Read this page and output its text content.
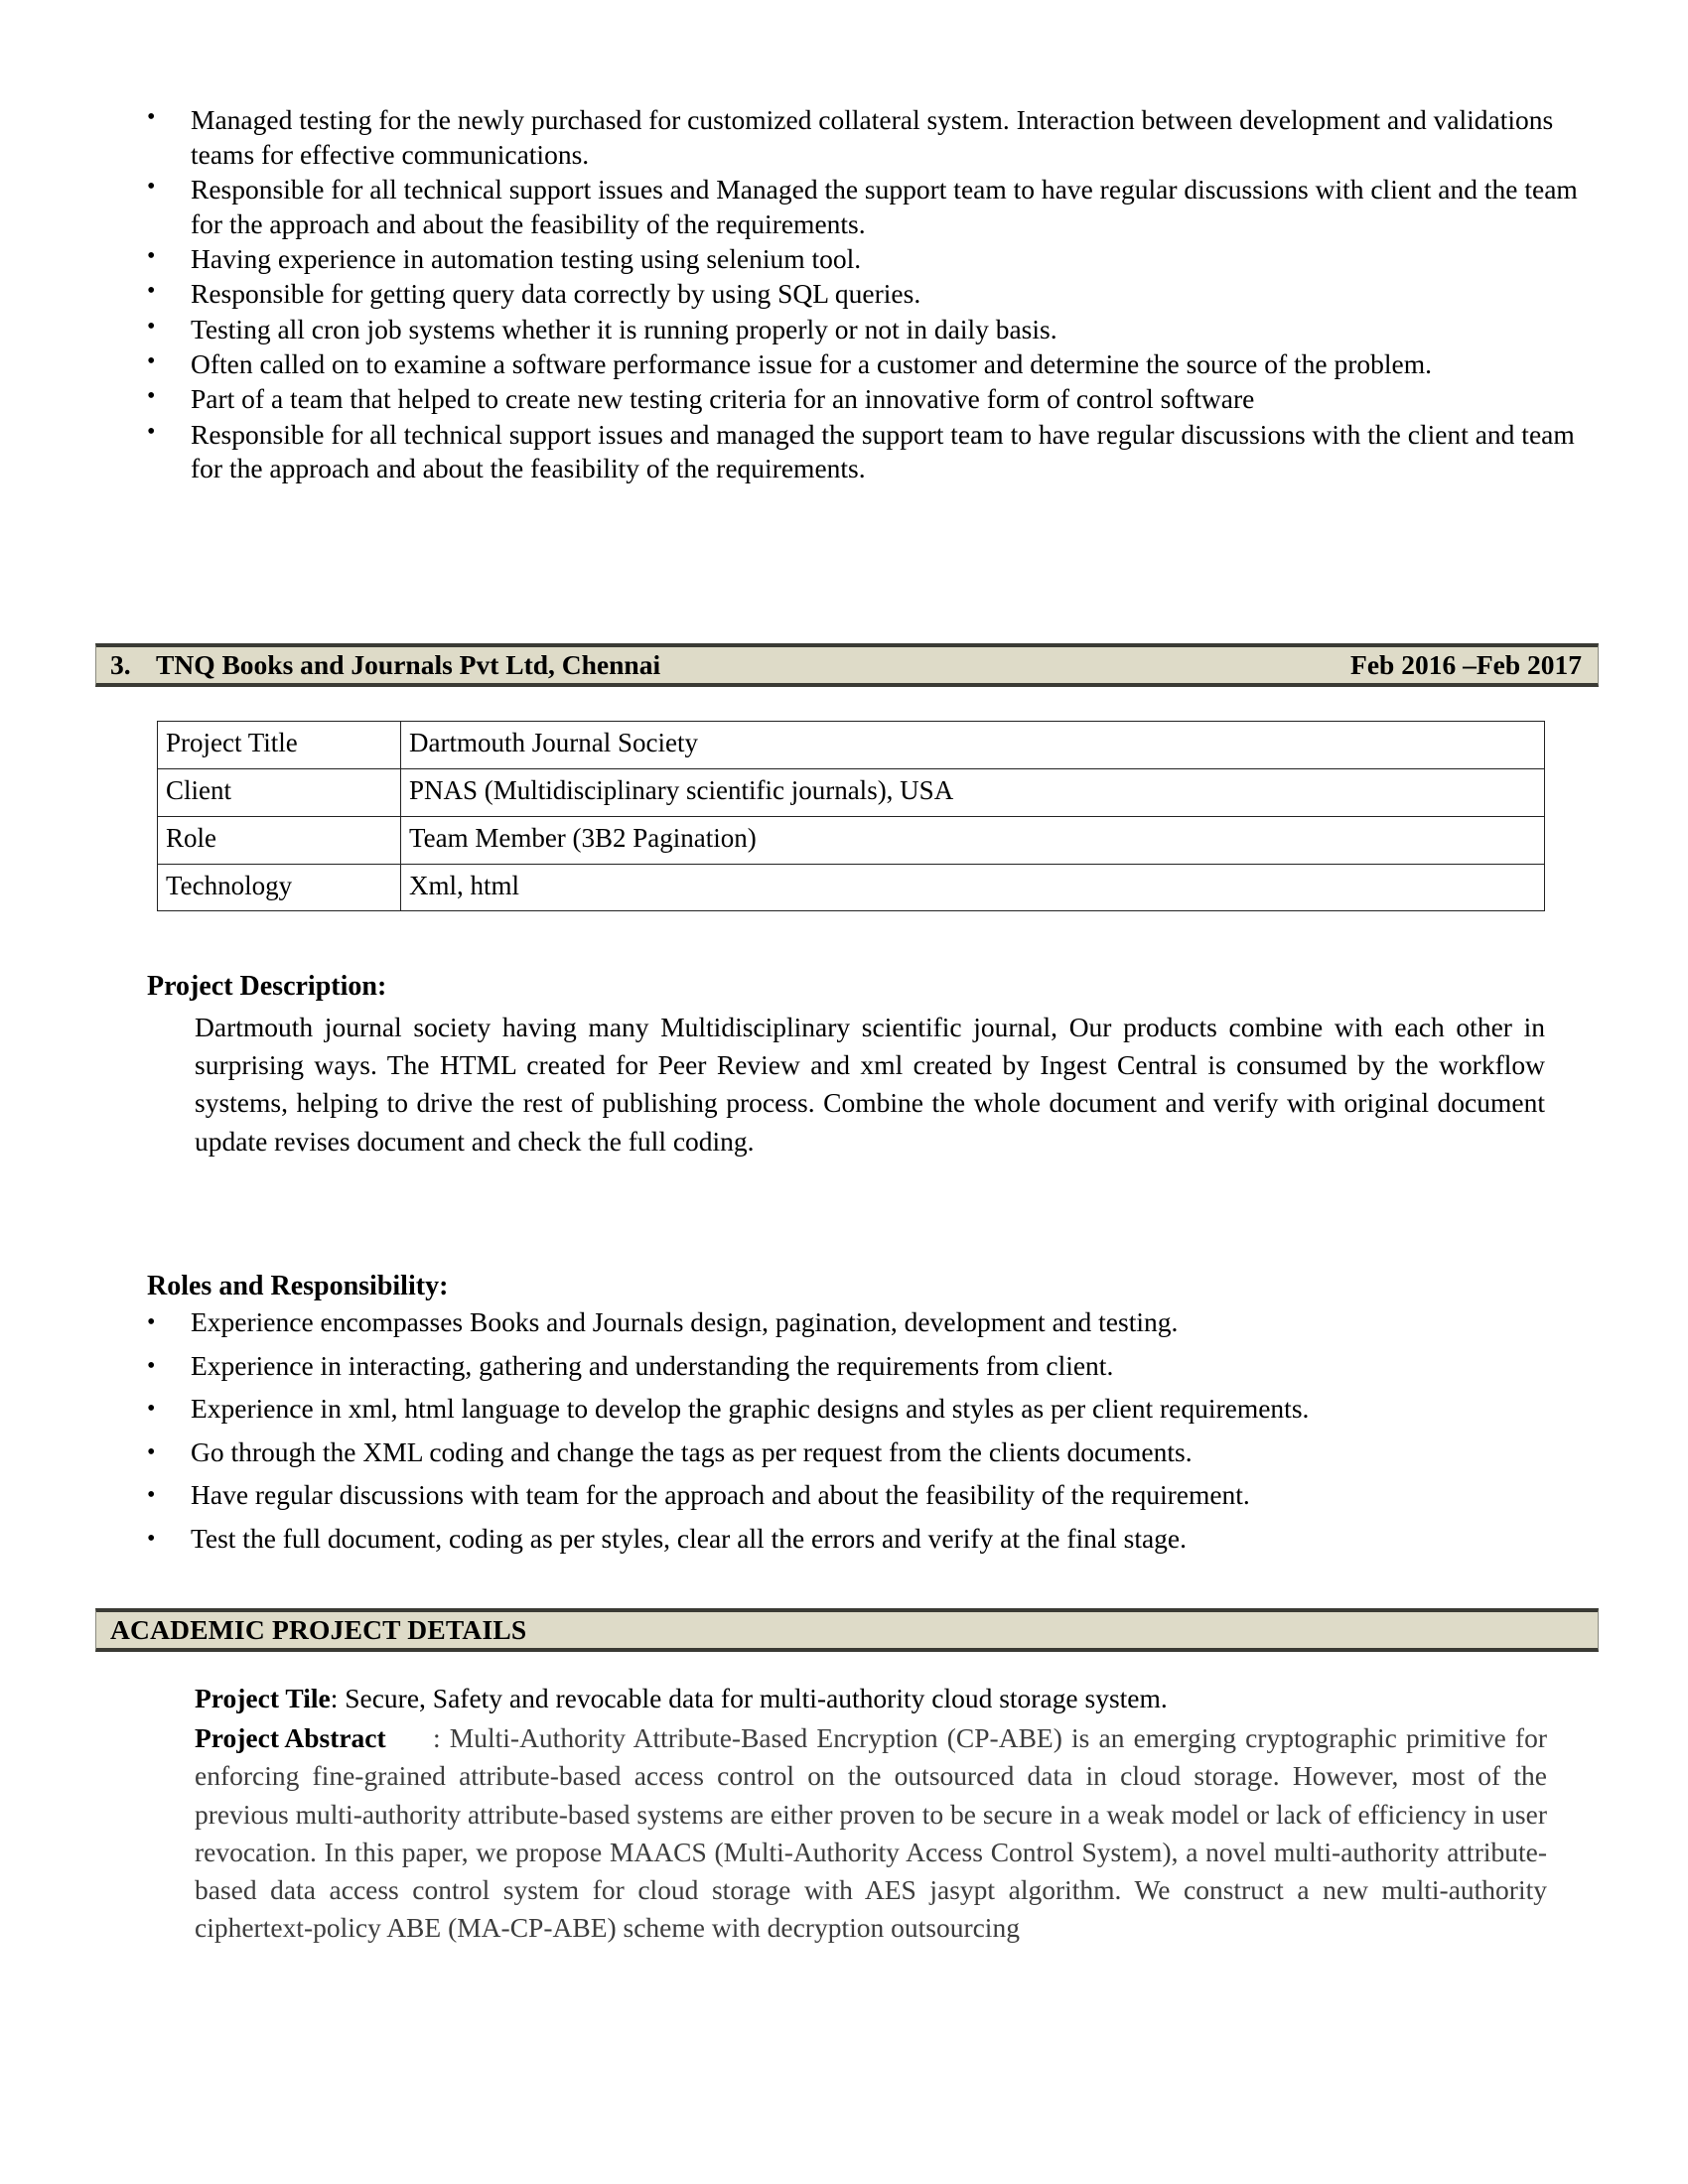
• Managed testing for the newly purchased for customized collateral system. Interaction between development and validations teams for effective communications.
• Responsible for all technical support issues and Managed the support team to have regular discussions with client and the team for the approach and about the feasibility of the requirements.
• Having experience in automation testing using selenium tool.
• Responsible for getting query data correctly by using SQL queries.
• Testing all cron job systems whether it is running properly or not in daily basis.
• Often called on to examine a software performance issue for a customer and determine the source of the problem.
• Part of a team that helped to create new testing criteria for an innovative form of control software
• Responsible for all technical support issues and managed the support team to have regular discussions with the client and team for the approach and about the feasibility of the requirements.
3. TNQ Books and Journals Pvt Ltd, Chennai	Feb 2016 –Feb 2017
Project Title	Dartmouth Journal Society
Client	PNAS (Multidisciplinary scientific journals), USA
Role	Team Member (3B2 Pagination)
Technology	Xml, html
Project Description:
Dartmouth journal society having many Multidisciplinary scientific journal, Our products combine with each other in surprising ways. The HTML created for Peer Review and xml created by Ingest Central is consumed by the workflow systems, helping to drive the rest of publishing process. Combine the whole document and verify with original document update revises document and check the full coding.
Roles and Responsibility:
• Experience encompasses Books and Journals design, pagination, development and testing.
• Experience in interacting, gathering and understanding the requirements from client.
• Experience in xml, html language to develop the graphic designs and styles as per client requirements.
• Go through the XML coding and change the tags as per request from the clients documents.
• Have regular discussions with team for the approach and about the feasibility of the requirement.
• Test the full document, coding as per styles, clear all the errors and verify at the final stage.
ACADEMIC PROJECT DETAILS
Project Tile: Secure, Safety and revocable data for multi-authority cloud storage system.
Project Abstract : Multi-Authority Attribute-Based Encryption (CP-ABE) is an emerging cryptographic primitive for enforcing fine-grained attribute-based access control on the outsourced data in cloud storage. However, most of the previous multi-authority attribute-based systems are either proven to be secure in a weak model or lack of efficiency in user revocation. In this paper, we propose MAACS (Multi-Authority Access Control System), a novel multi-authority attribute-based data access control system for cloud storage with AES jasypt algorithm. We construct a new multi-authority ciphertext-policy ABE (MA-CP-ABE) scheme with decryption outsourcing
